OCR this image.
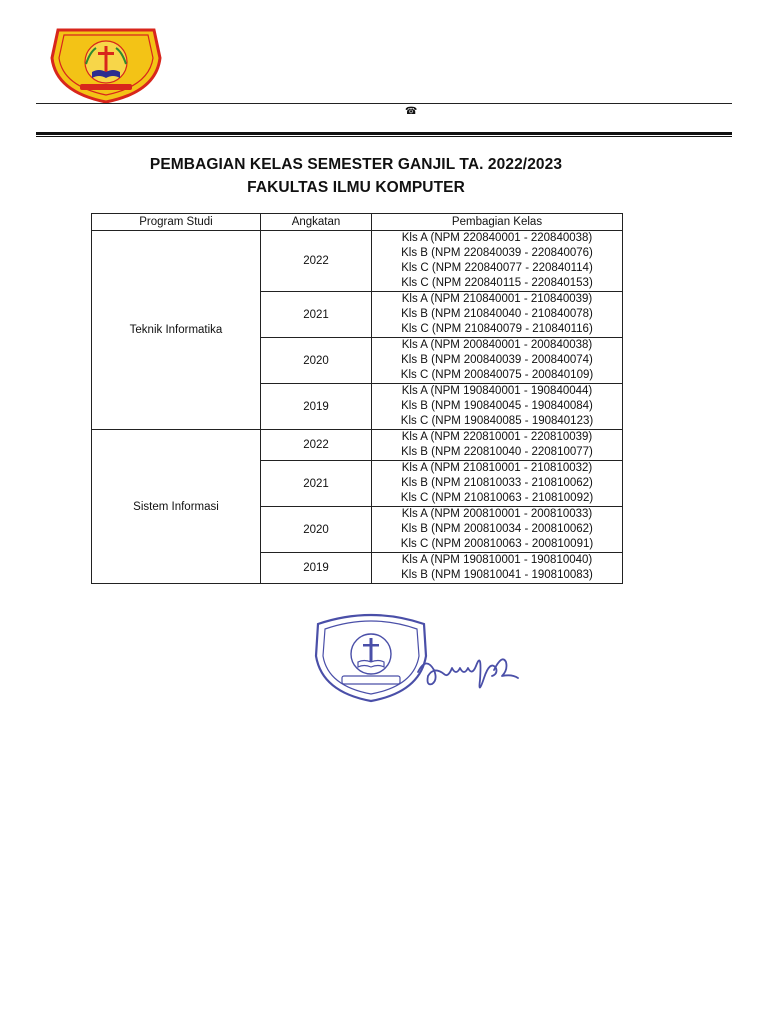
☎
PEMBAGIAN KELAS SEMESTER GANJIL TA. 2022/2023
FAKULTAS ILMU KOMPUTER
Program Studi	Angkatan	Pembagian Kelas
Teknik Informatika	2022	Kls A (NPM 220840001 - 220840038)
Kls B (NPM 220840039 - 220840076)
Kls C (NPM 220840077 - 220840114)
Kls C (NPM 220840115 - 220840153)

	2021	Kls A (NPM 210840001 - 210840039)
Kls B (NPM 210840040 - 210840078)
Kls C (NPM 210840079 - 210840116)

	2020	Kls A (NPM 200840001 - 200840038)
Kls B (NPM 200840039 - 200840074)
Kls C (NPM 200840075 - 200840109)

	2019	Kls A (NPM 190840001 - 190840044)
Kls B (NPM 190840045 - 190840084)
Kls C (NPM 190840085 - 190840123)

Sistem Informasi	2022	Kls A (NPM 220810001 - 220810039)
Kls B (NPM 220810040 - 220810077)

	2021	Kls A (NPM 210810001 - 210810032)
Kls B (NPM 210810033 - 210810062)
Kls C (NPM 210810063 - 210810092)

	2020	Kls A (NPM 200810001 - 200810033)
Kls B (NPM 200810034 - 200810062)
Kls C (NPM 200810063 - 200810091)

	2019	Kls A (NPM 190810001 - 190810040)
Kls B (NPM 190810041 - 190810083)
